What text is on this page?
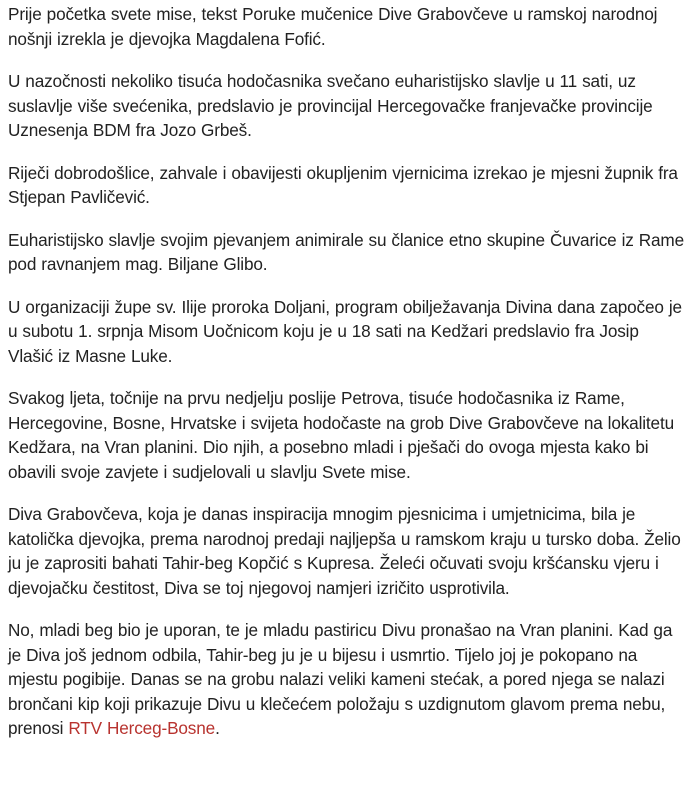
Prije početka svete mise, tekst Poruke mučenice Dive Grabovčeve u ramskoj narodnoj nošnji izrekla je djevojka Magdalena Fofić.

U nazočnosti nekoliko tisuća hodočasnika svečano euharistijsko slavlje u 11 sati, uz suslavlje više svećenika, predslavio je provincijal Hercegovačke franjevačke provincije Uznesenja BDM fra Jozo Grbeš.

Riječi dobrodošlice, zahvale i obavijesti okupljenim vjernicima izrekao je mjesni župnik fra Stjepan Pavličević.

Euharistijsko slavlje svojim pjevanjem animirale su članice etno skupine Čuvarice iz Rame pod ravnanjem mag. Biljane Glibo.

U organizaciji župe sv. Ilije proroka Doljani, program obilježavanja Divina dana započeo je u subotu 1. srpnja Misom Uočnicom koju je u 18 sati na Kedžari predslavio fra Josip Vlašić iz Masne Luke.

Svakog ljeta, točnije na prvu nedjelju poslije Petrova, tisuće hodočasnika iz Rame, Hercegovine, Bosne, Hrvatske i svijeta hodočaste na grob Dive Grabovčeve na lokalitetu Kedžara, na Vran planini. Dio njih, a posebno mladi i pješači do ovoga mjesta kako bi obavili svoje zavjete i sudjelovali u slavlju Svete mise.

Diva Grabovčeva, koja je danas inspiracija mnogim pjesnicima i umjetnicima, bila je katolička djevojka, prema narodnoj predaji najljepša u ramskom kraju u tursko doba. Želio ju je zaprositi bahati Tahir-beg Kopčić s Kupresa. Želeći očuvati svoju kršćansku vjeru i djevojačku čestitost, Diva se toj njegovoj namjeri izričito usprotivila.

No, mladi beg bio je uporan, te je mladu pastiricu Divu pronašao na Vran planini. Kad ga je Diva još jednom odbila, Tahir-beg ju je u bijesu i usmrtio. Tijelo joj je pokopano na mjestu pogibije. Danas se na grobu nalazi veliki kameni stećak, a pored njega se nalazi brončani kip koji prikazuje Divu u klečećem položaju s uzdignutom glavom prema nebu, prenosi RTV Herceg-Bosne.
